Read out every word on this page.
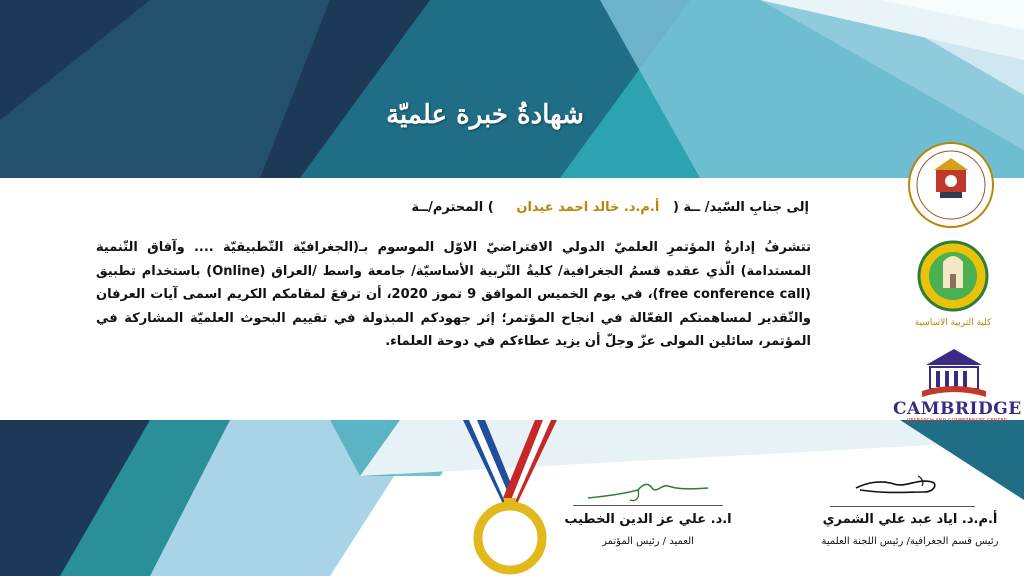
شهادةُ خبرة علميّة
كلية التربية الاساسية
CAMBRIDGE
RESEARCH AND CONFERENCES CENTER
إلى جنابِ السّيد/ ــة (   أ.م.د. خالد احمد عيدان     ) المحترم/ــة

تتشرفُ إدارةُ المؤتمرِ العلميّ الدولي الافتراضيّ الاوّل الموسوم بـ(الجغرافيّة التّطبيقيّة .... وآفاق التّنمية المستدامة) الّذي عقده قسمُ الجغرافية/ كليةُ التّربية الأساسيّة/ جامعة واسط /العراق (Online) باستخدام تطبيق (free conference call)، في يوم الخميس الموافق 9 تموز 2020، أن ترفعَ لمقامكم الكريم اسمى آيات العرفان والتّقدير لمساهمتكم الفعّالة في انجاح المؤتمر؛ إثر جهودكم المبذولة في تقييم البحوث العلميّة المشاركة في المؤتمر، سائلين المولى عزّ وجلّ أن يزيد عطاءكم في دوحة العلماء.

ا.د. علي عز الدين الخطيب
العميد / رئيس المؤتمر
أ.م.د. اياد عبد علي الشمري
رئيس قسم الجغرافية/ رئيس اللجنة العلمية
